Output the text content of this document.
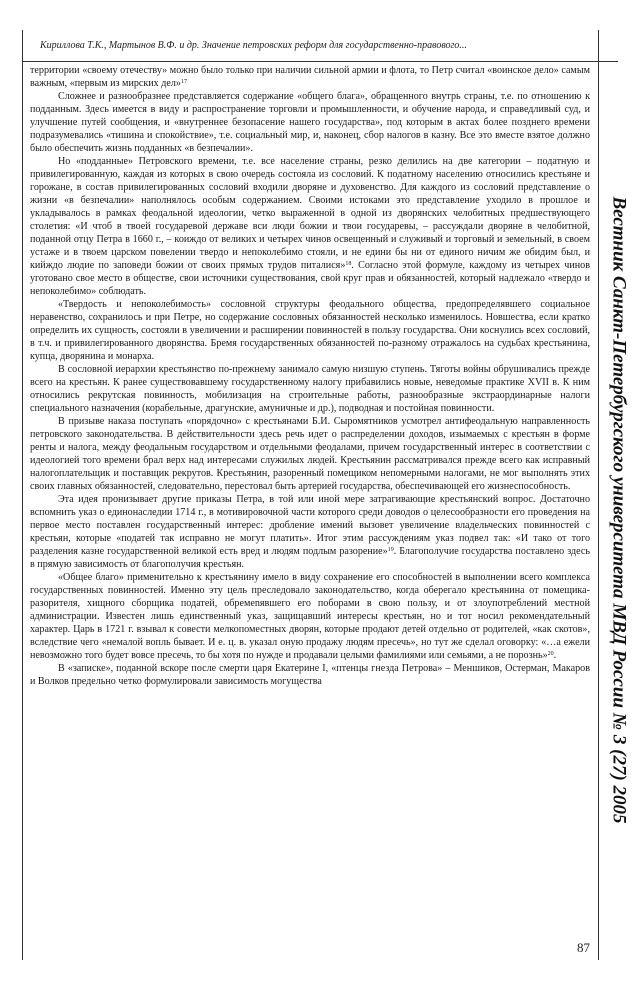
Кириллова Т.К., Мартынов В.Ф. и др. Значение петровских реформ для государственно-правового...

территории «своему отечеству» можно было только при наличии сильной армии и флота, то Петр считал «воинское дело» самым важным, «первым из мирских дел»$^{17}$

Сложнее и разнообразнее представляется содержание «общего блага», обращенного внутрь страны, т.е. по отношению к подданным. Здесь имеется в виду и распространение торговли и промышленности, и обучение народа, и справедливый суд, и улучшение путей сообщения, и «внутреннее безопасение нашего государства», под которым в актах более позднего времени подразумевались «тишина и спокойствие», т.е. социальный мир, и, наконец, сбор налогов в казну. Все это вместе взятое должно было обеспечить жизнь подданных «в безпечалии».

Но «подданные» Петровского времени, т.е. все население страны, резко делились на две категории – податную и привилегированную, каждая из которых в свою очередь состояла из сословий. К податному населению относились крестьяне и горожане, в состав привилегированных сословий входили дворяне и духовенство. Для каждого из сословий представление о жизни «в безпечалии» наполнялось особым содержанием. Своими истоками это представление уходило в прошлое и укладывалось в рамках феодальной идеологии, четко выраженной в одной из дворянских челобитных предшествующего столетия: «И чтоб в твоей государевой державе вси люди божии и твои государевы, – рассуждали дворяне в челобитной, поданной отцу Петра в 1660 г., – коиждо от великих и четырех чинов освещенный и служивый и торговый и земельный, в своем устаже и в твоем царском повелении твердо и непоколебимо стояли, и не едини бы ни от единого ничим же обидим был, и кийждо людие по заповеди божии от своих прямых трудов питалися»$^{18}$. Согласно этой формуле, каждому из четырех чинов уготовано свое место в обществе, свои источники существования, свой круг прав и обязанностей, который надлежало «твердо и непоколебимо» соблюдать.

«Твердость и непоколебимость» сословной структуры феодального общества, предопределявшего социальное неравенство, сохранилось и при Петре, но содержание сословных обязанностей несколько изменилось. Новшества, если кратко определить их сущность, состояли в увеличении и расширении повинностей в пользу государства. Они коснулись всех сословий, в т.ч. и привилегированного дворянства. Бремя государственных обязанностей по-разному отражалось на судьбах крестьянина, купца, дворянина и монарха.

В сословной иерархии крестьянство по-прежнему занимало самую низшую ступень. Тяготы войны обрушивались прежде всего на крестьян. К ранее существовавшему государственному налогу прибавились новые, неведомые практике XVII в. К ним относились рекрутская повинность, мобилизация на строительные работы, разнообразные экстраординарные налоги специального назначения (корабельные, драгунские, амуничные и др.), подводная и постойная повинности.

В призыве наказа поступать «порядочно» с крестьянами Б.И. Сыромятников усмотрел антифеодальную направленность петровского законодательства. В действительности здесь речь идет о распределении доходов, изымаемых с крестьян в форме ренты и налога, между феодальным государством и отдельными феодалами, причем государственный интерес в соответствии с идеологией того времени брал верх над интересами служилых людей. Крестьянин рассматривался прежде всего как исправный налогоплательщик и поставщик рекрутов. Крестьянин, разоренный помещиком непомерными налогами, не мог выполнять этих своих главных обязанностей, следовательно, перестовал быть артерией государства, обеспечивающей его жизнеспособность.

Эта идея пронизывает другие приказы Петра, в той или иной мере затрагивающие крестьянский вопрос. Достаточно вспомнить указ о единонаследии 1714 г., в мотивировочной части которого среди доводов о целесообразности его проведения на первое место поставлен государственный интерес: дробление имений вызовет увеличение владельческих повинностей с крестьян, которые «податей так исправно не могут платить». Итог этим рассуждениям указ подвел так: «И тако от того разделения казне государственной великой есть вред и людям подлым разорение»$^{19}$. Благополучие государства поставлено здесь в прямую зависимость от благополучия крестьян.

«Общее благо» применительно к крестьянину имело в виду сохранение его способностей в выполнении всего комплекса государственных повинностей. Именно эту цель преследовало законодательство, когда оберегало крестьянина от помещика-разорителя, хищного сборщика податей, обремenявшего его поборами в свою пользу, и от злоупотреблений местной администрации. Известен лишь единственный указ, защищавший интересы крестьян, но и тот носил рекомендательный характер. Царь в 1721 г. взывал к совести мелкопоместных дворян, которые продают детей отдельно от родителей, «как скотов», вследствие чего «немалой вопль бывает. И е. ц. в. указал оную продажу людям пресечь», но тут же сделал оговорку: «…а ежели невозможно того будет вовсе пресечь, то бы хотя по нужде и продавали целыми фамилиями или семьями, а не порознь»$^{20}$.

В «записке», поданной вскоре после смерти царя Екатерине I, «птенцы гнезда Петрова» – Меншиков, Остерман, Макаров и Волков предельно четко формулировали зависимость могущества	Вестник Санкт-Петербургского университета МВД России № 3 (27) 2005
87
